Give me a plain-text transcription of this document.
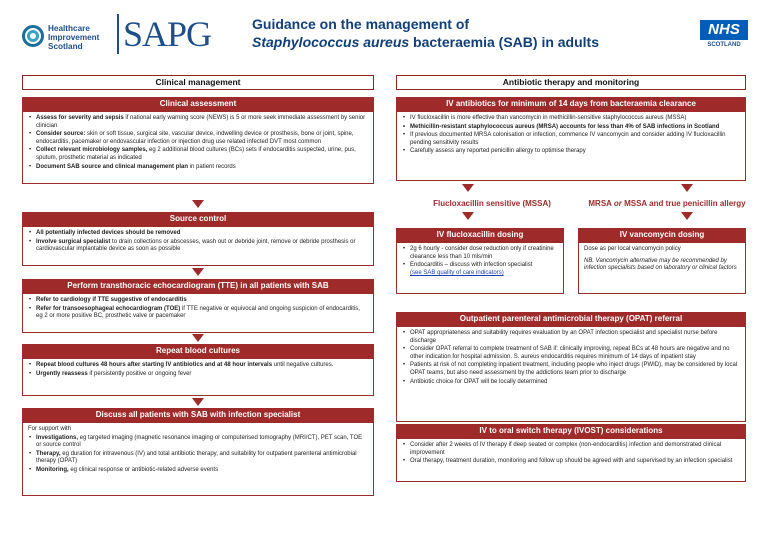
Healthcare
Improvement
Scotland	SAPG	Guidance on the management of
Staphylococcus aureus bacteraemia (SAB) in adults
NHS
SCOTLAND
Clinical management
Clinical assessment
• Assess for severity and sepsis if national early warning score (NEWS) is 5 or more seek immediate assessment by senior clinician
• Consider source: skin or soft tissue, surgical site, vascular device, indwelling device or prosthesis, bone or joint, spine, endocarditis, pacemaker or endovascular infection or injection drug use related infected DVT most common
• Collect relevant microbiology samples, eg 2 additional blood cultures (BCs) sets if endocarditis suspected, urine, pus, sputum, prosthetic material as indicated
• Document SAB source and clinical management plan in patient records
Source control
• All potentially infected devices should be removed
• Involve surgical specialist to drain collections or abscesses, wash out or debride joint, remove or debride prosthesis or cardiovascular implantable device as soon as possible
Perform transthoracic echocardiogram (TTE) in all patients with SAB
• Refer to cardiology if TTE suggestive of endocarditis
• Refer for transoesophageal echocardiogram (TOE) if TTE negative or equivocal and ongoing suspicion of endocarditis, eg 2 or more positive BC, prosthetic valve or pacemaker
Repeat blood cultures
• Repeat blood cultures 48 hours after starting IV antibiotics and at 48 hour intervals until negative cultures.
• Urgently reassess if persistently positive or ongoing fever
Discuss all patients with SAB with infection specialist

For support with

• Investigations, eg targeted imaging (magnetic resonance imaging or computerised tomography (MRI/CT), PET scan, TOE or source control
• Therapy, eg duration for intravenous (IV) and total antibiotic therapy, and suitability for outpatient parenteral antimicrobial therapy (OPAT)
• Monitoring, eg clinical response or antibiotic-related adverse events
Antibiotic therapy and monitoring
IV antibiotics for minimum of 14 days from bacteraemia clearance
• IV flucloxacillin is more effective than vancomycin in methicillin-sensitive staphylococcus aureus (MSSA)
• Methicillin-resistant staphylococcus aureus (MRSA) accounts for less than 4% of SAB infections in Scotland
• If previous documented MRSA colonisation or infection, commence IV vancomycin and consider adding IV flucloxacillin pending sensitivity results
• Carefully assess any reported penicillin allergy to optimise therapy
Flucloxacillin sensitive (MSSA)	MRSA or MSSA and true penicillin allergy
IV flucloxacillin dosing
• 2g 6 hourly - consider dose reduction only if creatinine clearance less than 10 mls/min
• Endocarditis – discuss with infection specialist
(see SAB quality of care indicators)
IV vancomycin dosing

Dose as per local vancomycin policy

NB. Vancomycin alternative may be recommended by infection specialists based on laboratory or clinical factors

Outpatient parenteral antimicrobial therapy (OPAT) referral
• OPAT appropriateness and suitability requires evaluation by an OPAT infection specialist and specialist nurse before discharge
• Consider OPAT referral to complete treatment of SAB if: clinically improving, repeat BCs at 48 hours are negative and no other indication for hospital admission. S. aureus endocarditis requires minimum of 14 days of inpatient stay
• Patients at risk of not completing inpatient treatment, including people who inject drugs (PWID), may be considered by local OPAT teams, but also need assessment by the addictions team prior to discharge
• Antibiotic choice for OPAT will be locally determined
IV to oral switch therapy (IVOST) considerations
• Consider after 2 weeks of IV therapy if deep seated or complex (non-endocarditis) infection and demonstrated clinical improvement
• Oral therapy, treatment duration, monitoring and follow up should be agreed with and supervised by an infection specialist
